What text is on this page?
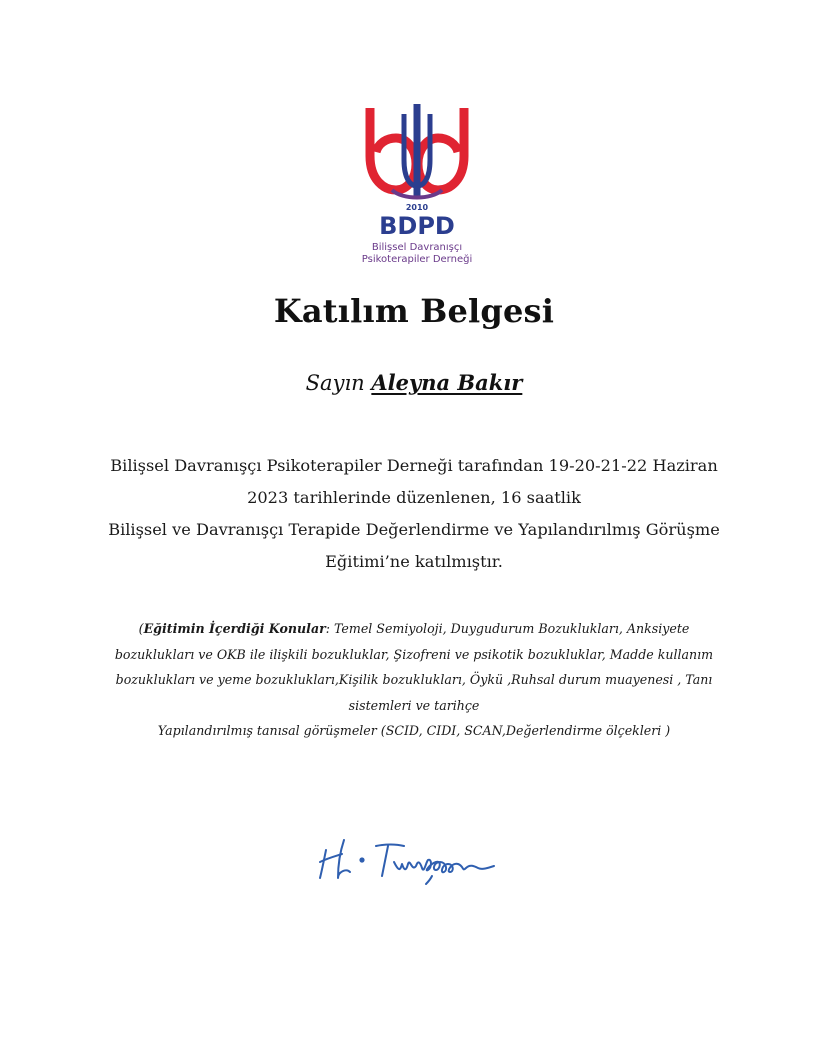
2010
BDPD
Bilişsel Davranışçı
Psikoterapiler Derneği
Katılım Belgesi
Sayın Aleyna Bakır

Bilişsel Davranışçı Psikoterapiler Derneği tarafından 19-20-21-22 Haziran

2023 tarihlerinde düzenlenen, 16 saatlik

Bilişsel ve Davranışçı Terapide Değerlendirme ve Yapılandırılmış Görüşme

Eğitimi’ne katılmıştır.

(Eğitimin İçerdiği Konular: Temel Semiyoloji, Duygudurum Bozuklukları, Anksiyete

bozuklukları ve OKB ile ilişkili bozukluklar, Şizofreni ve psikotik bozukluklar, Madde kullanım

bozuklukları ve yeme bozuklukları,Kişilik bozuklukları, Öykü ,Ruhsal durum muayenesi , Tanı

sistemleri ve tarihçe

Yapılandırılmış tanısal görüşmeler (SCID, CIDI, SCAN,Değerlendirme ölçekleri )
